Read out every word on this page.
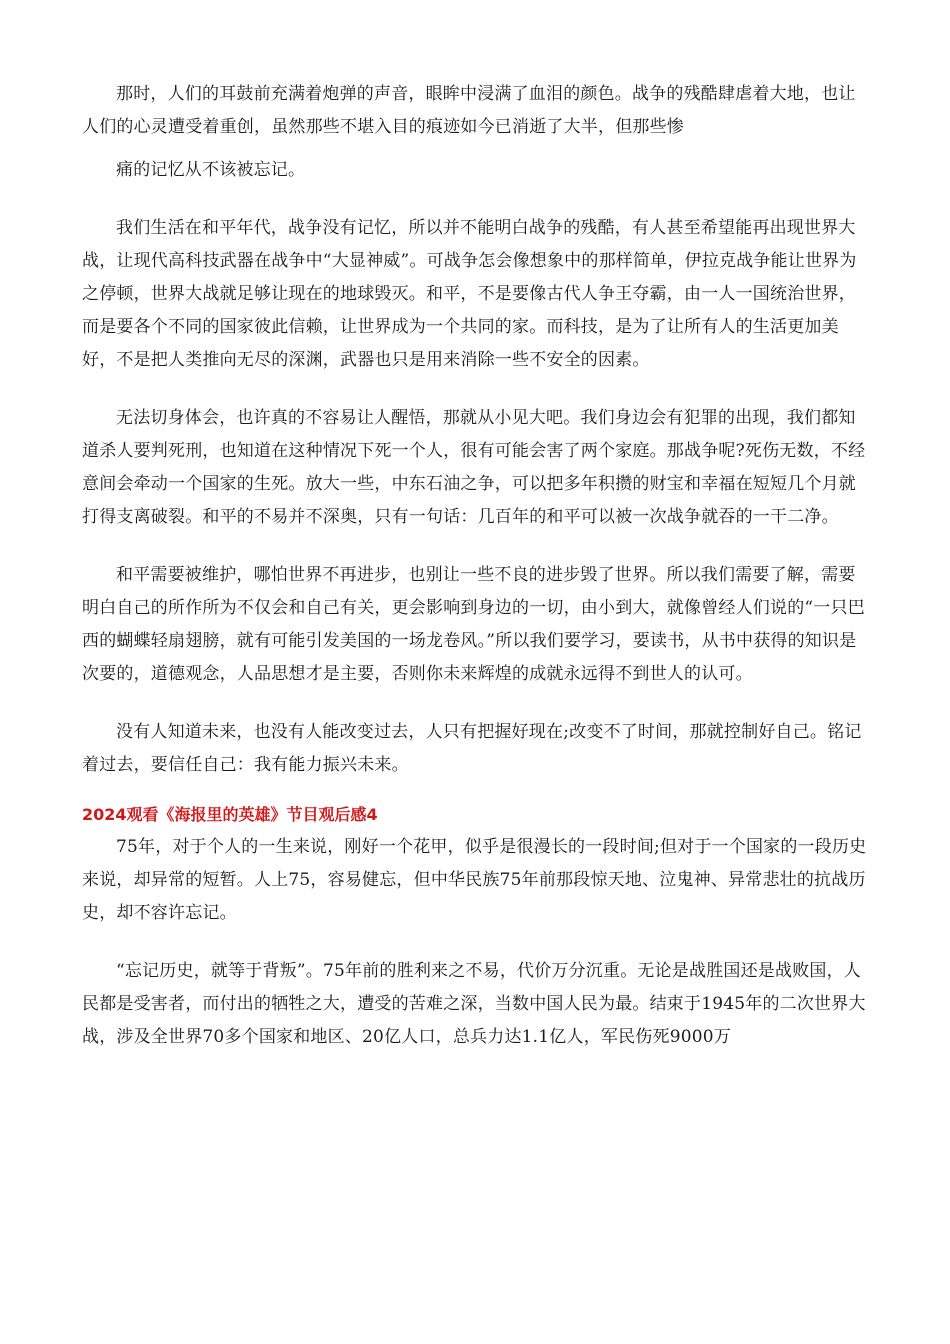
那时，人们的耳鼓前充满着炮弹的声音，眼眸中浸满了血泪的颜色。战争的残酷肆虐着大地，也让人们的心灵遭受着重创，虽然那些不堪入目的痕迹如今已消逝了大半，但那些惨

痛的记忆从不该被忘记。

我们生活在和平年代，战争没有记忆，所以并不能明白战争的残酷，有人甚至希望能再出现世界大战，让现代高科技武器在战争中“大显神威”。可战争怎会像想象中的那样简单，伊拉克战争能让世界为之停顿，世界大战就足够让现在的地球毁灭。和平，不是要像古代人争王夺霸，由一人一国统治世界，而是要各个不同的国家彼此信赖，让世界成为一个共同的家。而科技，是为了让所有人的生活更加美好，不是把人类推向无尽的深渊，武器也只是用来消除一些不安全的因素。

无法切身体会，也许真的不容易让人醒悟，那就从小见大吧。我们身边会有犯罪的出现，我们都知道杀人要判死刑，也知道在这种情况下死一个人，很有可能会害了两个家庭。那战争呢?死伤无数，不经意间会牵动一个国家的生死。放大一些，中东石油之争，可以把多年积攒的财宝和幸福在短短几个月就打得支离破裂。和平的不易并不深奥，只有一句话：几百年的和平可以被一次战争就吞的一干二净。

和平需要被维护，哪怕世界不再进步，也别让一些不良的进步毁了世界。所以我们需要了解，需要明白自己的所作所为不仅会和自己有关，更会影响到身边的一切，由小到大，就像曾经人们说的“一只巴西的蝴蝶轻扇翅膀，就有可能引发美国的一场龙卷风。”所以我们要学习，要读书，从书中获得的知识是次要的，道德观念，人品思想才是主要，否则你未来辉煌的成就永远得不到世人的认可。

没有人知道未来，也没有人能改变过去，人只有把握好现在;改变不了时间，那就控制好自己。铭记着过去，要信任自己：我有能力振兴未来。

2024观看《海报里的英雄》节目观后感4

75年，对于个人的一生来说，刚好一个花甲，似乎是很漫长的一段时间;但对于一个国家的一段历史来说，却异常的短暂。人上75，容易健忘，但中华民族75年前那段惊天地、泣鬼神、异常悲壮的抗战历史，却不容许忘记。

“忘记历史，就等于背叛”。75年前的胜利来之不易，代价万分沉重。无论是战胜国还是战败国，人民都是受害者，而付出的牺牲之大，遭受的苦难之深，当数中国人民为最。结束于1945年的二次世界大战，涉及全世界70多个国家和地区、20亿人口，总兵力达1.1亿人，军民伤死9000万
